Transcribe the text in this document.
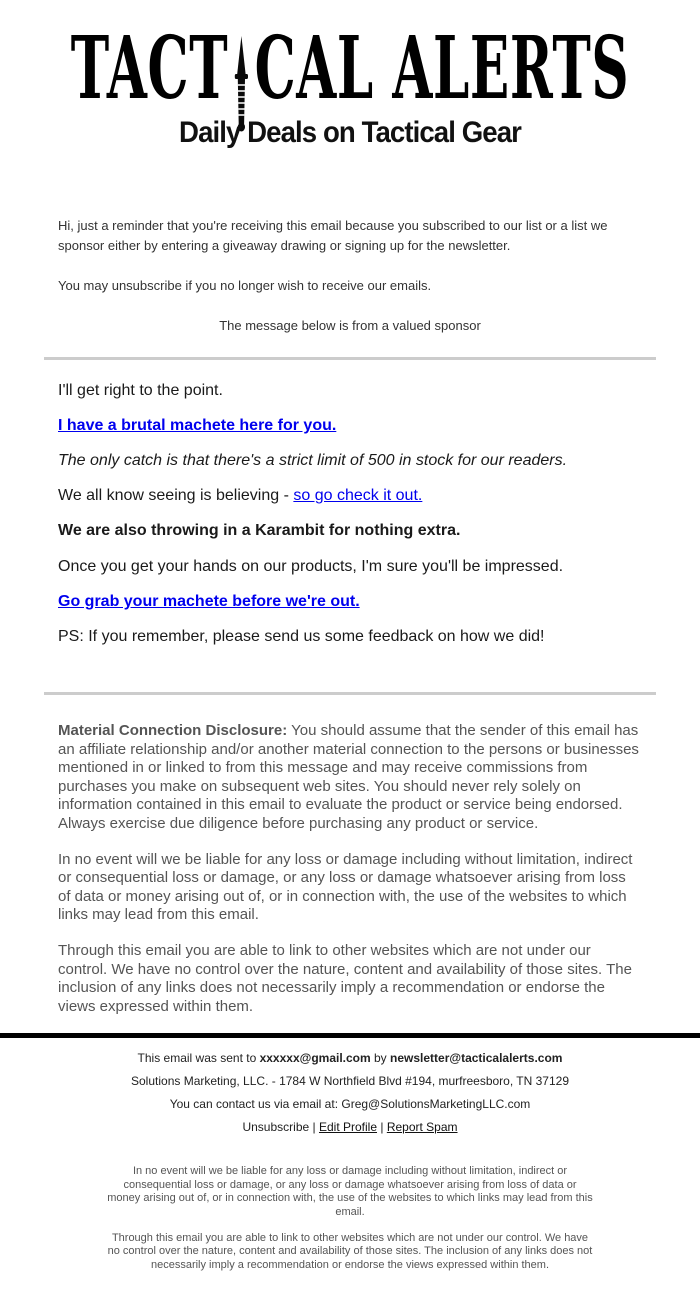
TACT CAL ALERTS
Daily Deals on Tactical Gear

Hi, just a reminder that you're receiving this email because you subscribed to our list or a list we sponsor either by entering a giveaway drawing or signing up for the newsletter.

You may unsubscribe if you no longer wish to receive our emails.

The message below is from a valued sponsor

I'll get right to the point.

I have a brutal machete here for you.

The only catch is that there's a strict limit of 500 in stock for our readers.

We all know seeing is believing - so go check it out.

We are also throwing in a Karambit for nothing extra.

Once you get your hands on our products, I'm sure you'll be impressed.

Go grab your machete before we're out.

PS: If you remember, please send us some feedback on how we did!

Material Connection Disclosure: You should assume that the sender of this email has an affiliate relationship and/or another material connection to the persons or businesses mentioned in or linked to from this message and may receive commissions from purchases you make on subsequent web sites. You should never rely solely on information contained in this email to evaluate the product or service being endorsed. Always exercise due diligence before purchasing any product or service.

In no event will we be liable for any loss or damage including without limitation, indirect or consequential loss or damage, or any loss or damage whatsoever arising from loss of data or money arising out of, or in connection with, the use of the websites to which links may lead from this email.

Through this email you are able to link to other websites which are not under our control. We have no control over the nature, content and availability of those sites. The inclusion of any links does not necessarily imply a recommendation or endorse the views expressed within them.

This email was sent to xxxxxx@gmail.com by newsletter@tacticalalerts.com

Solutions Marketing, LLC. - 1784 W Northfield Blvd #194, murfreesboro, TN 37129

You can contact us via email at: Greg@SolutionsMarketingLLC.com

Unsubscribe | Edit Profile | Report Spam

In no event will we be liable for any loss or damage including without limitation, indirect or consequential loss or damage, or any loss or damage whatsoever arising from loss of data or money arising out of, or in connection with, the use of the websites to which links may lead from this email.

Through this email you are able to link to other websites which are not under our control. We have no control over the nature, content and availability of those sites. The inclusion of any links does not necessarily imply a recommendation or endorse the views expressed within them.
